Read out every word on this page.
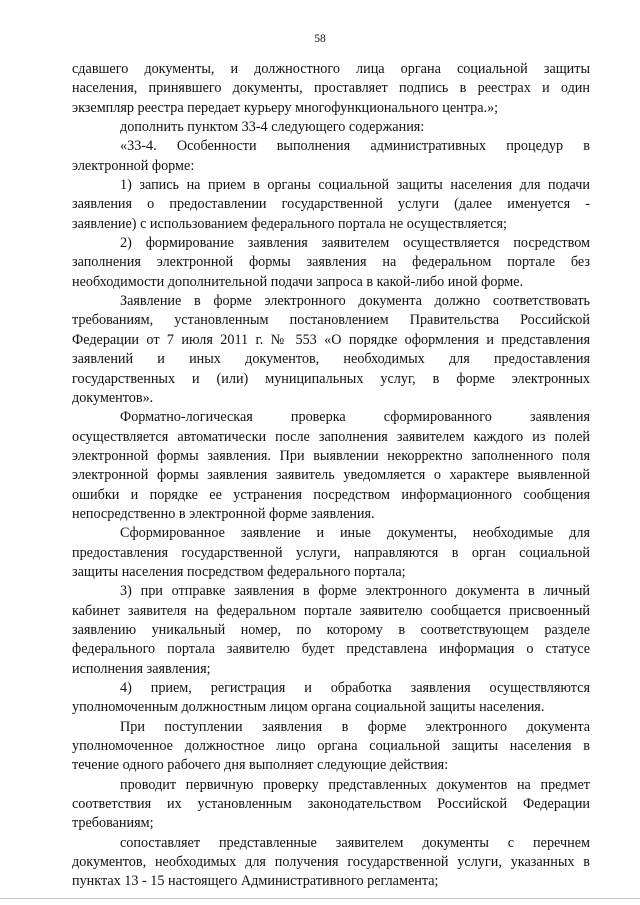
58
сдавшего документы, и должностного лица органа социальной защиты
населения, принявшего документы, проставляет подпись в реестрах и один
экземпляр реестра передает курьеру многофункционального центра.»;
дополнить пунктом 33-4 следующего содержания:
«33-4. Особенности выполнения административных процедур в
электронной форме:
1) запись на прием в органы социальной защиты населения для подачи
заявления о предоставлении государственной услуги (далее именуется -
заявление) с использованием федерального портала не осуществляется;
2) формирование заявления заявителем осуществляется посредством
заполнения электронной формы заявления на федеральном портале без
необходимости дополнительной подачи запроса в какой-либо иной форме.
Заявление в форме электронного документа должно соответствовать
требованиям, установленным постановлением Правительства Российской
Федерации от 7 июля 2011 г. № 553 «О порядке оформления и представления
заявлений и иных документов, необходимых для предоставления
государственных и (или) муниципальных услуг, в форме электронных
документов».
Форматно-логическая проверка сформированного заявления
осуществляется автоматически после заполнения заявителем каждого из полей
электронной формы заявления. При выявлении некорректно заполненного поля
электронной формы заявления заявитель уведомляется о характере выявленной
ошибки и порядке ее устранения посредством информационного сообщения
непосредственно в электронной форме заявления.
Сформированное заявление и иные документы, необходимые для
предоставления государственной услуги, направляются в орган социальной
защиты населения посредством федерального портала;
3) при отправке заявления в форме электронного документа в личный
кабинет заявителя на федеральном портале заявителю сообщается присвоенный
заявлению уникальный номер, по которому в соответствующем разделе
федерального портала заявителю будет представлена информация о статусе
исполнения заявления;
4) прием, регистрация и обработка заявления осуществляются
уполномоченным должностным лицом органа социальной защиты населения.
При поступлении заявления в форме электронного документа
уполномоченное должностное лицо органа социальной защиты населения в
течение одного рабочего дня выполняет следующие действия:
проводит первичную проверку представленных документов на предмет
соответствия их установленным законодательством Российской Федерации
требованиям;
сопоставляет представленные заявителем документы с перечнем
документов, необходимых для получения государственной услуги, указанных в
пунктах 13 - 15 настоящего Административного регламента;
